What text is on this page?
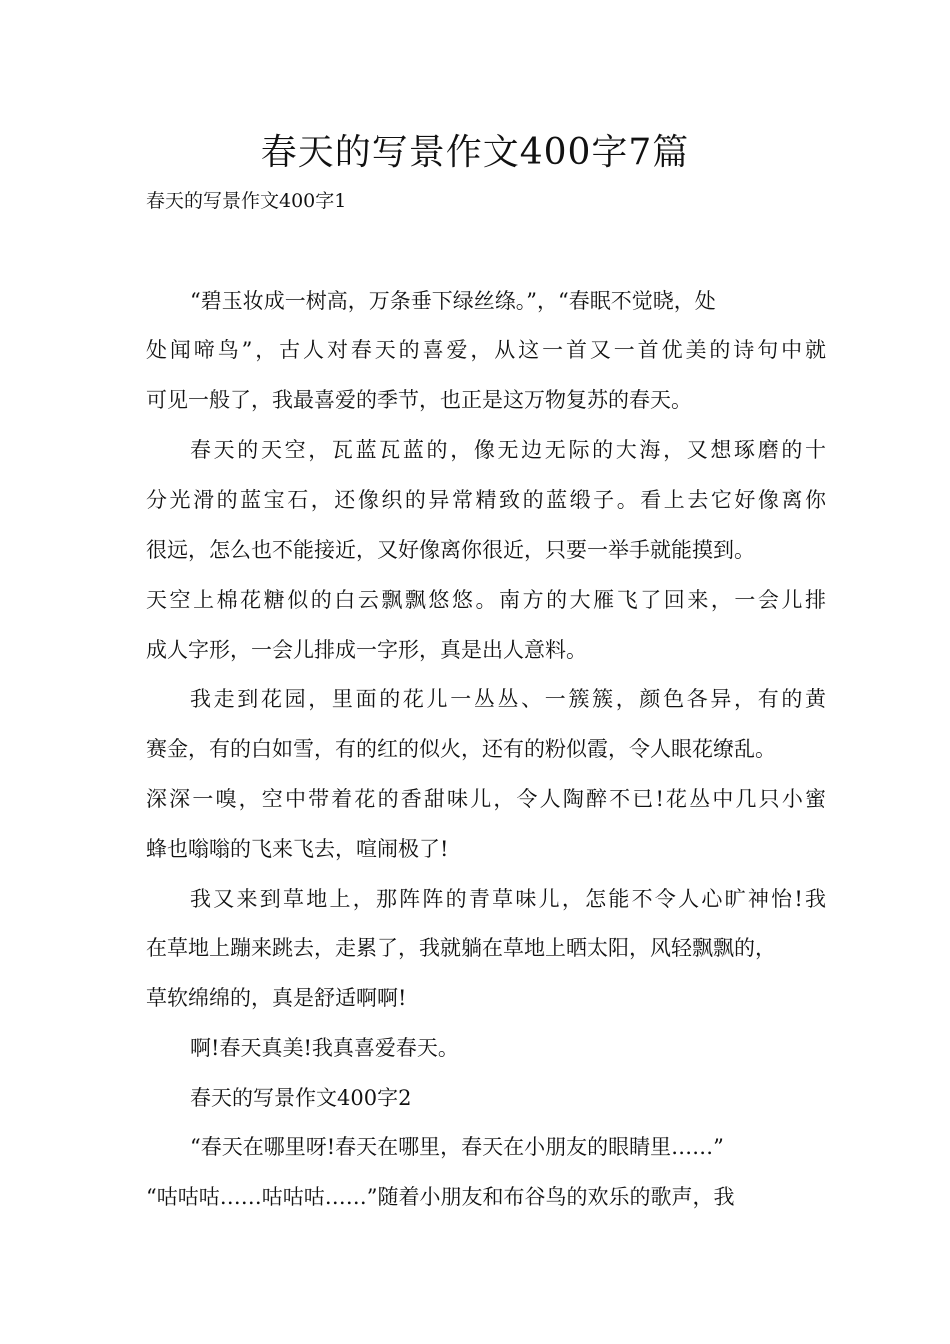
春天的写景作文400字7篇

春天的写景作文400字1

“碧玉妆成一树高，万条垂下绿丝绦。”，“春眠不觉晓，处

处闻啼鸟”，古人对春天的喜爱，从这一首又一首优美的诗句中就

可见一般了，我最喜爱的季节，也正是这万物复苏的春天。

春天的天空，瓦蓝瓦蓝的，像无边无际的大海，又想琢磨的十

分光滑的蓝宝石，还像织的异常精致的蓝缎子。看上去它好像离你

很远，怎么也不能接近，又好像离你很近，只要一举手就能摸到。

天空上棉花糖似的白云飘飘悠悠。南方的大雁飞了回来，一会儿排

成人字形，一会儿排成一字形，真是出人意料。

我走到花园，里面的花儿一丛丛、一簇簇，颜色各异，有的黄

赛金，有的白如雪，有的红的似火，还有的粉似霞，令人眼花缭乱。

深深一嗅，空中带着花的香甜味儿，令人陶醉不已!花丛中几只小蜜

蜂也嗡嗡的飞来飞去，喧闹极了!

我又来到草地上，那阵阵的青草味儿，怎能不令人心旷神怡!我

在草地上蹦来跳去，走累了，我就躺在草地上晒太阳，风轻飘飘的，

草软绵绵的，真是舒适啊啊!

啊!春天真美!我真喜爱春天。

春天的写景作文400字2

“春天在哪里呀!春天在哪里，春天在小朋友的眼睛里……”

“咕咕咕……咕咕咕……”随着小朋友和布谷鸟的欢乐的歌声，我
